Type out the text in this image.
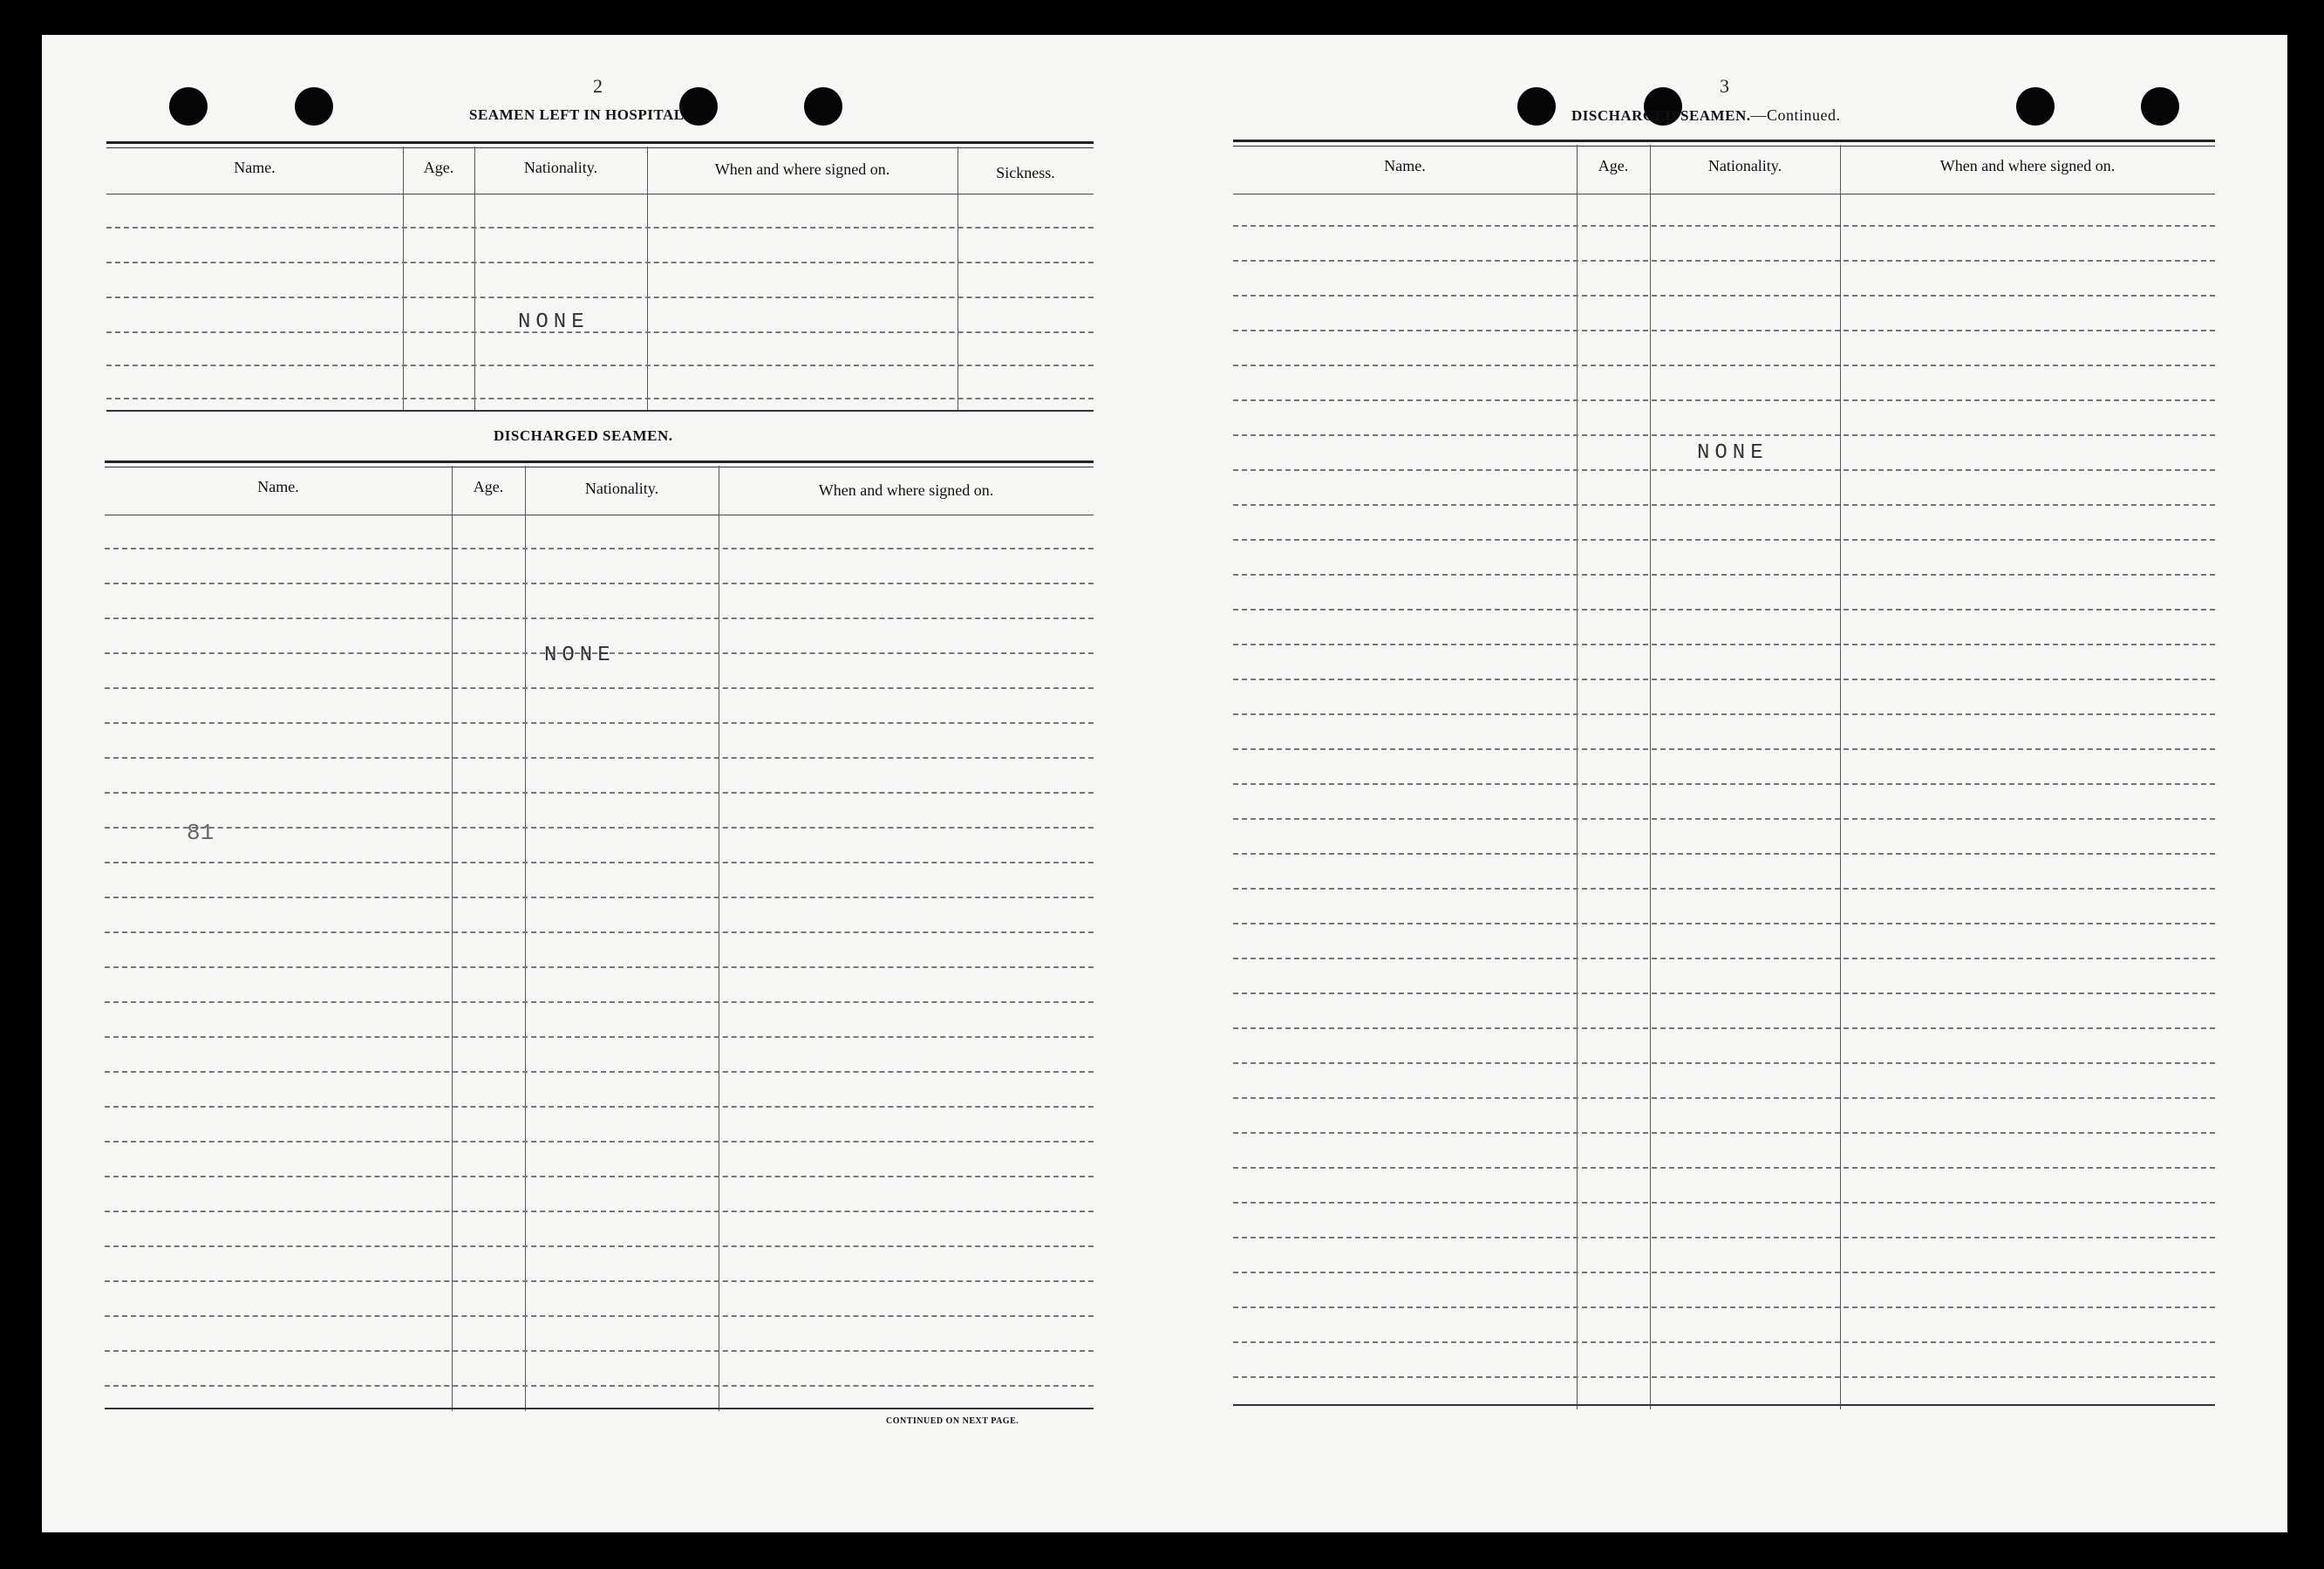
2
SEAMEN LEFT IN HOSPITAL.
Name.	Age.	Nationality.	When and where signed on.	Sickness.
NONE
DISCHARGED SEAMEN.
Name.	Age.	Nationality.	When and where signed on.
NONE
81
CONTINUED ON NEXT PAGE.
3
DISCHARGED SEAMEN.—Continued.
Name.	Age.	Nationality.	When and where signed on.
NONE
